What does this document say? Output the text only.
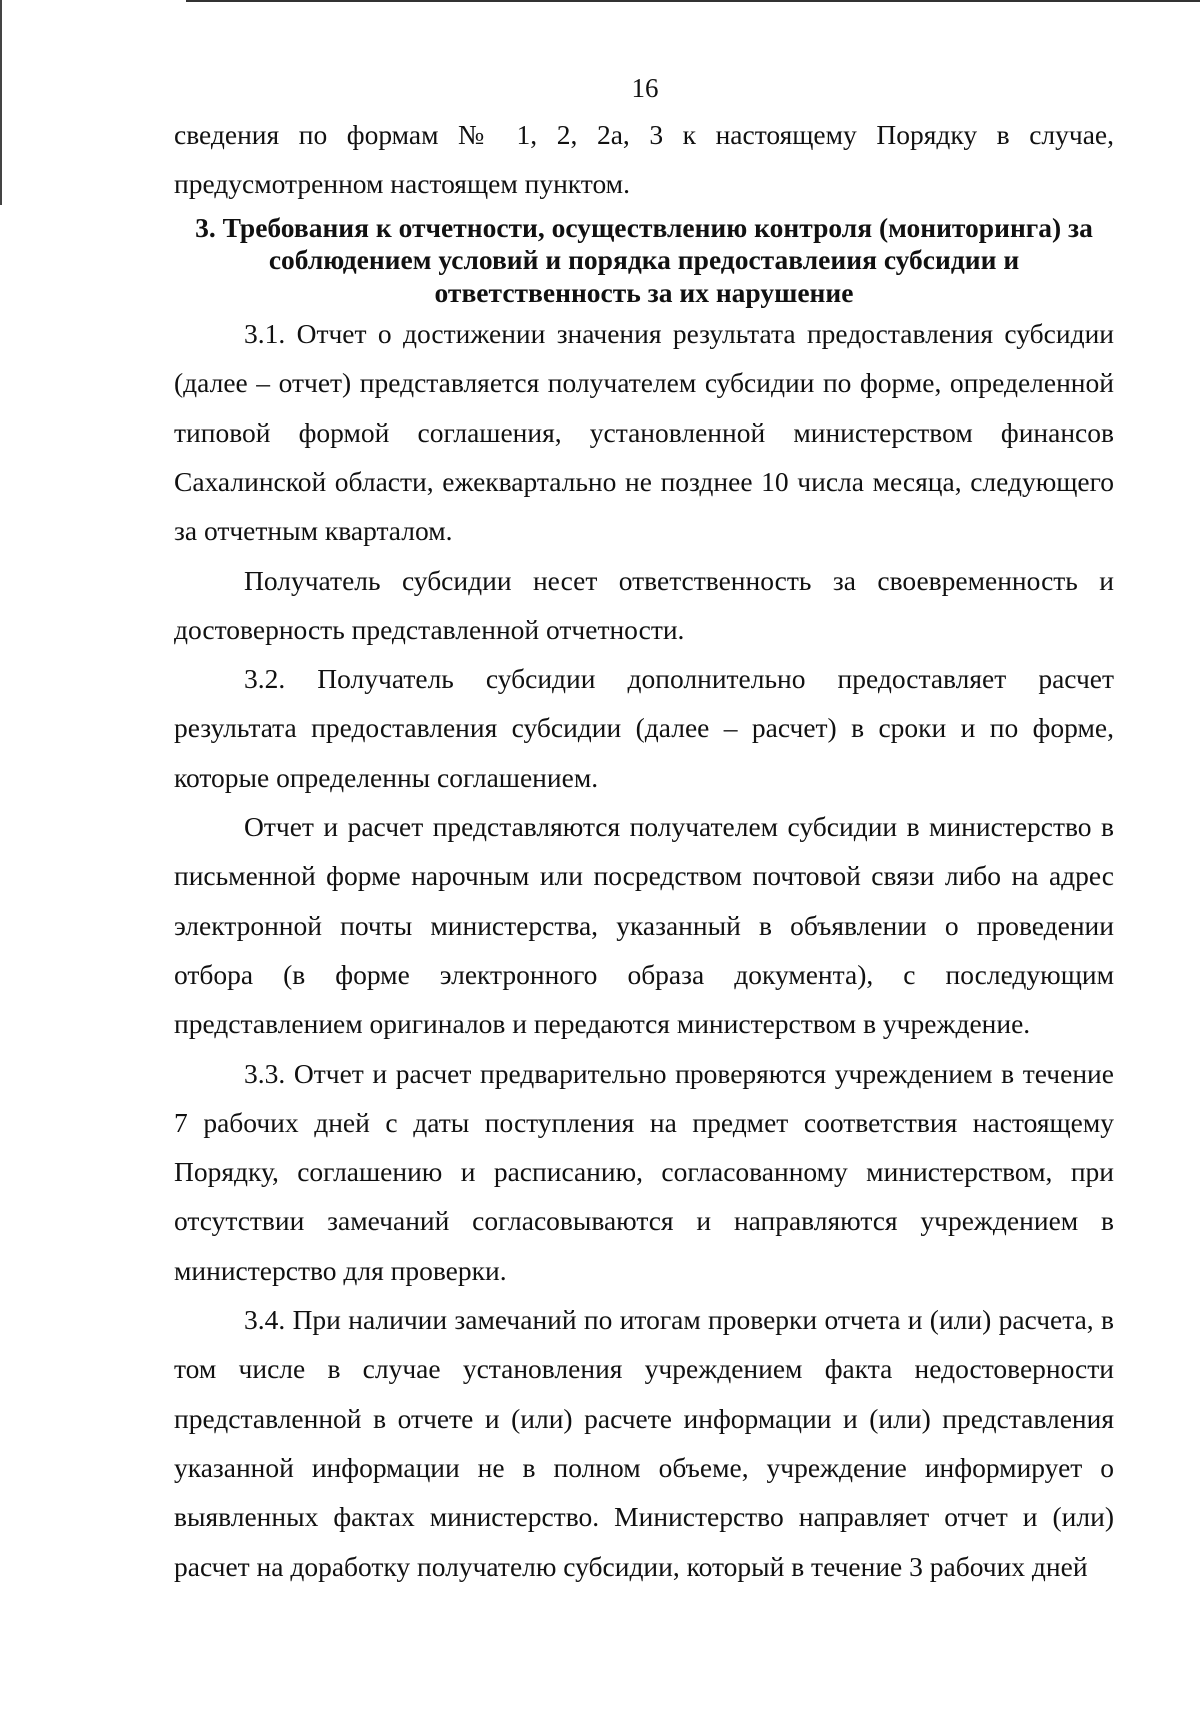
16

сведения по формам № 1, 2, 2а, 3 к настоящему Порядку в случае, предусмотренном настоящем пунктом.

3. Требования к отчетности, осуществлению контроля (мониторинга) за соблюдением условий и порядка предоставлеиия субсидии и ответственность за их нарушение

3.1. Отчет о достижении значения результата предоставления субсидии (далее – отчет) представляется получателем субсидии по форме, определенной типовой формой соглашения, установленной министерством финансов Сахалинской области, ежеквартально не позднее 10 числа месяца, следующего за отчетным кварталом.

Получатель субсидии несет ответственность за своевременность и достоверность представленной отчетности.

3.2. Получатель субсидии дополнительно предоставляет расчет результата предоставления субсидии (далее – расчет) в сроки и по форме, которые определенны соглашением.

Отчет и расчет представляются получателем субсидии в министерство в письменной форме нарочным или посредством почтовой связи либо на адрес электронной почты министерства, указанный в объявлении о проведении отбора (в форме электронного образа документа), с последующим представлением оригиналов и передаются министерством в учреждение.

3.3. Отчет и расчет предварительно проверяются учреждением в течение 7 рабочих дней с даты поступления на предмет соответствия настоящему Порядку, соглашению и расписанию, согласованному министерством, при отсутствии замечаний согласовываются и направляются учреждением в министерство для проверки.

3.4. При наличии замечаний по итогам проверки отчета и (или) расчета, в том числе в случае установления учреждением факта недостоверности представленной в отчете и (или) расчете информации и (или) представления указанной информации не в полном объеме, учреждение информирует о выявленных фактах министерство. Министерство направляет отчет и (или) расчет на доработку получателю субсидии, который в течение 3 рабочих дней
